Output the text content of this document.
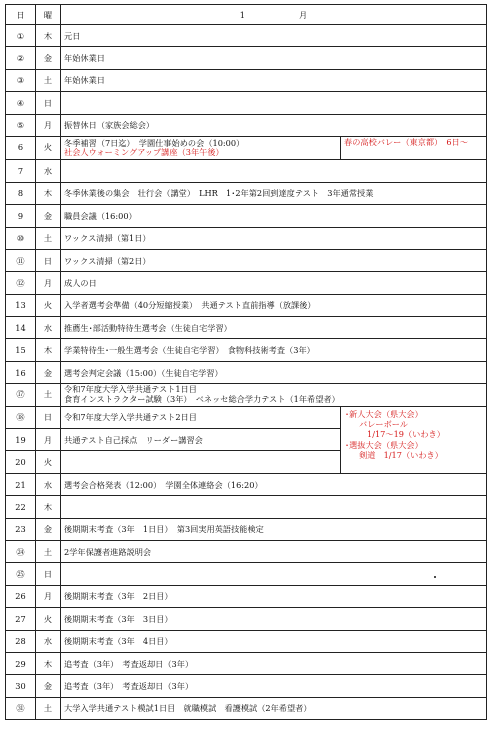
日	曜	1 月	
①	木	元日	

②	金	年始休業日	

③	土	年始休業日	

④	日		

⑤	月	振替休日（家族会総会）	

6	火	冬季補習（7日迄）　学園仕事始めの会（10:00）
社会人ウォーミングアップ講座（3年午後）	春の高校バレー（東京都）　6日～
7	水		

8	木	冬季休業後の集会　壮行会（講堂）　LHR　1･2年第2回到達度テスト　3年通常授業	

9	金	職員会議（16:00）	

⑩	土	ワックス清掃（第1日）	

⑪	日	ワックス清掃（第2日）	

⑫	月	成人の日	

13	火	入学者選考会準備（40分短縮授業）　共通テスト直前指導（放課後）	

14	水	推薦生･部活動特待生選考会（生徒自宅学習）	

15	木	学業特待生･一般生選考会（生徒自宅学習）　食物科技術考査（3年）	

16	金	選考会判定会議（15:00）（生徒自宅学習）	

⑰	土	令和7年度大学入学共通テスト1日目
食育インストラクター試験（3年）　ベネッセ総合学力テスト（1年希望者）	

⑱	日	令和7年度大学入学共通テスト2日目	･新人大会（県大会）
バレーボール
1/17～19（いわき）
･選抜大会（県大会）
剣道　1/17（いわき）

19	月	共通テスト自己採点　リーダー講習会	

20	火		

21	水	選考会合格発表（12:00）　学園全体連絡会（16:20）	

22	木		

23	金	後期期末考査（3年　1日目）　第3回実用英語技能検定	

㉔	土	2学年保護者進路説明会	

㉕	日		

26	月	後期期末考査（3年　2日目）	

27	火	後期期末考査（3年　3日目）	

28	水	後期期末考査（3年　4日目）	

29	木	追考査（3年）　考査返却日（3年）	

30	金	追考査（3年）　考査返却日（3年）	

㉛	土	大学入学共通テスト模試1日目　就職模試　看護模試（2年希望者）	
